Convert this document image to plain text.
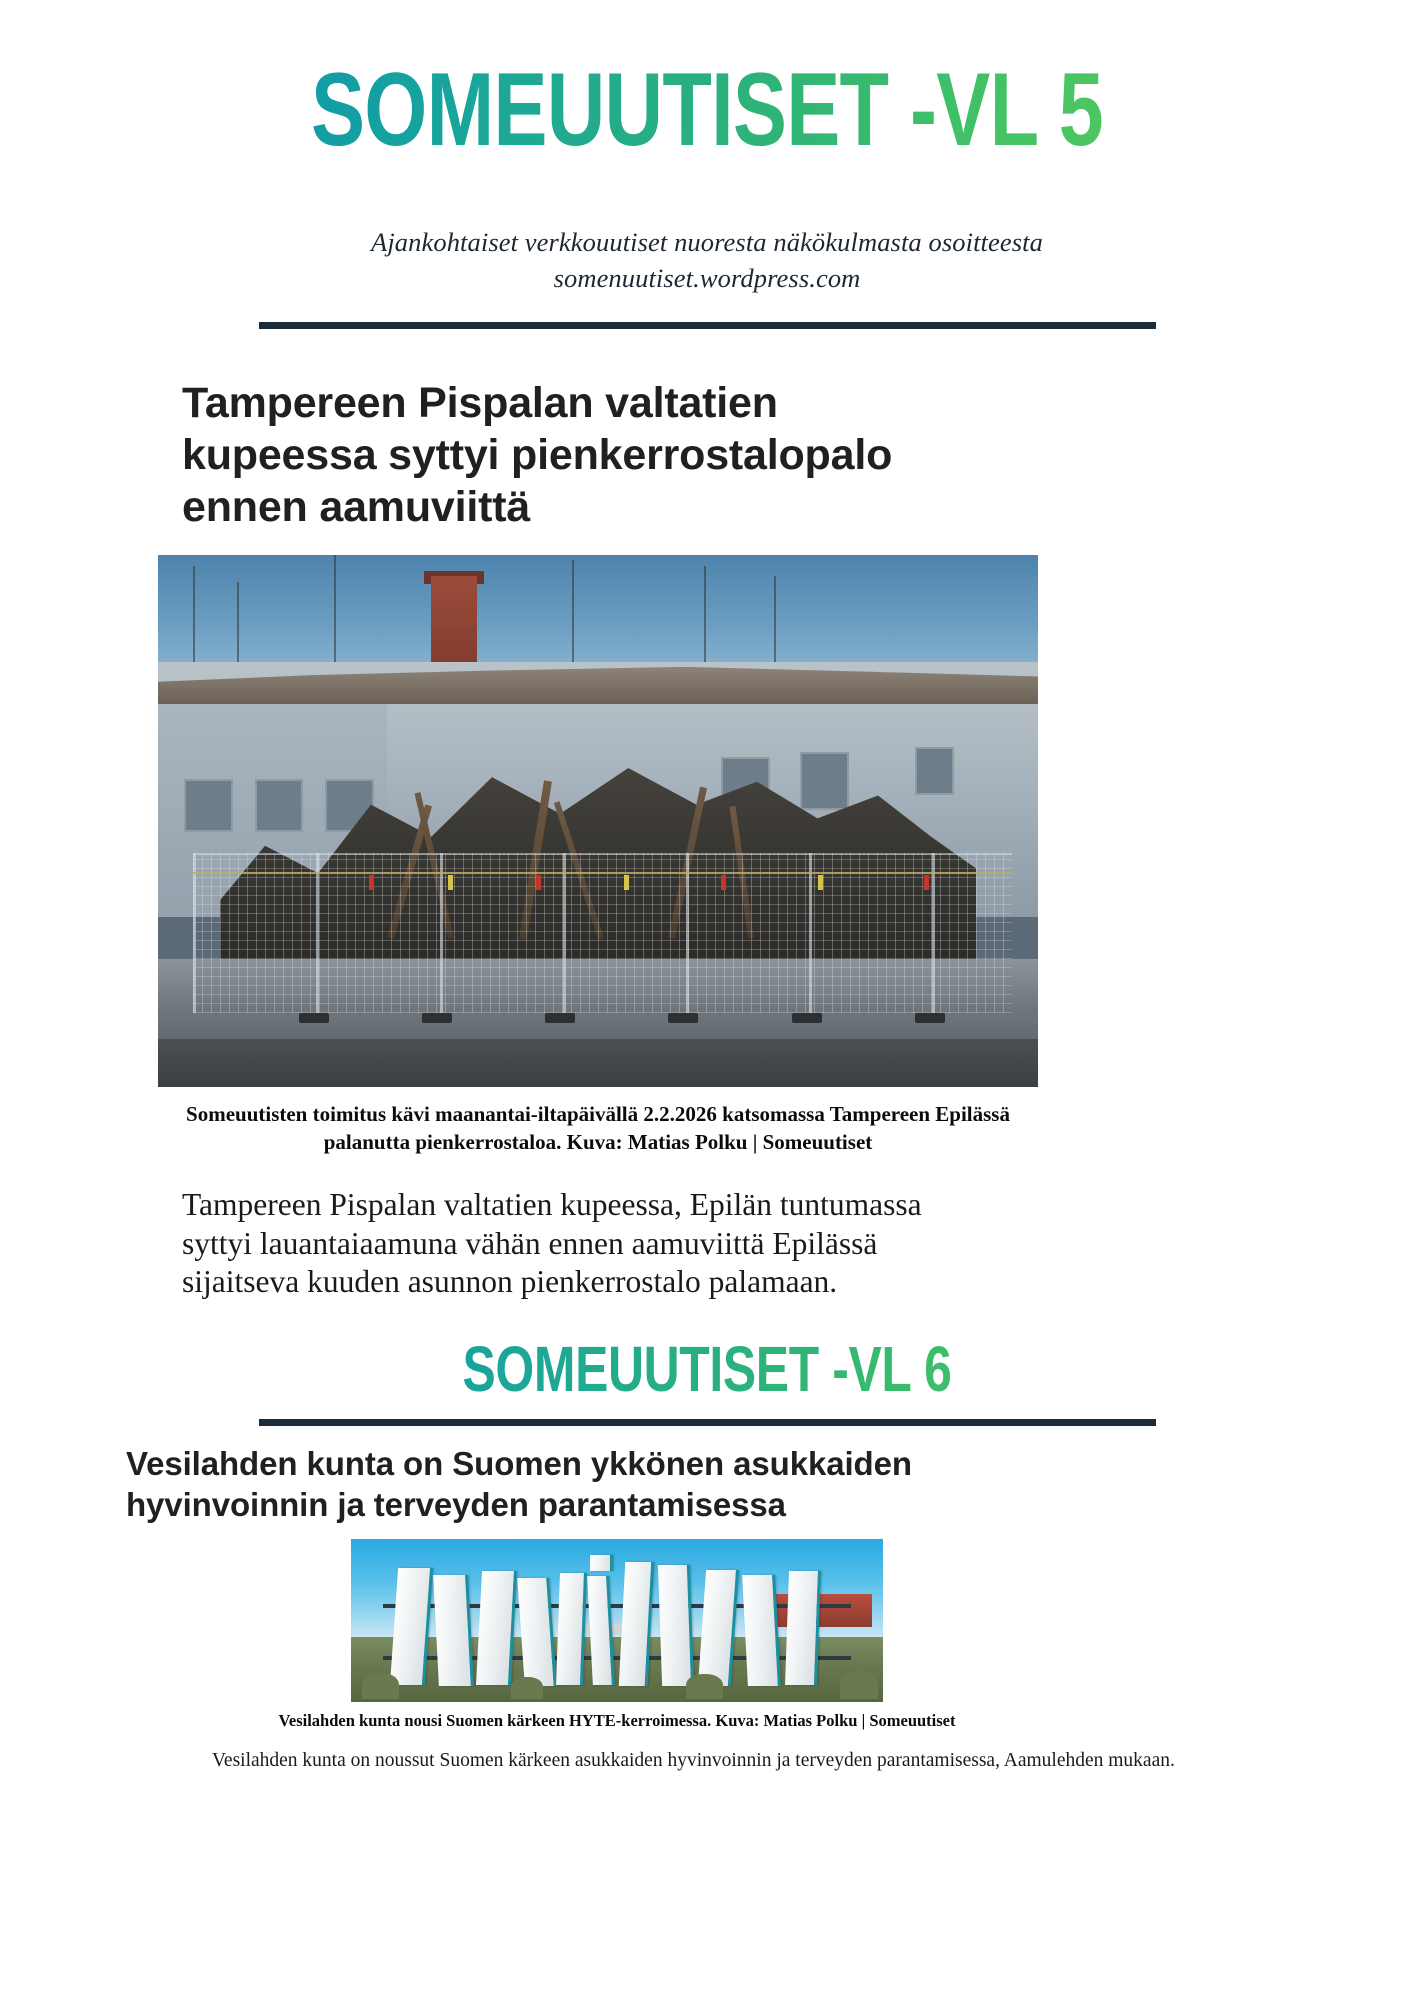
SOMEUUTISET -VL 5
Ajankohtaiset verkkouutiset nuoresta näkökulmasta osoitteesta
somenuutiset.wordpress.com
Tampereen Pispalan valtatien kupeessa syttyi pienkerrostalopalo ennen aamuviittä
Someuutisten toimitus kävi maanantai-iltapäivällä 2.2.2026 katsomassa Tampereen Epilässä palanutta pienkerrostaloa. Kuva: Matias Polku | Someuutiset
Tampereen Pispalan valtatien kupeessa, Epilän tuntumassa syttyi lauantaiaamuna vähän ennen aamuviittä Epilässä sijaitseva kuuden asunnon pienkerrostalo palamaan.
SOMEUUTISET -VL 6
Vesilahden kunta on Suomen ykkönen asukkaiden hyvinvoinnin ja terveyden parantamisessa
Vesilahden kunta nousi Suomen kärkeen HYTE-kerroimessa. Kuva: Matias Polku | Someuutiset
Vesilahden kunta on noussut Suomen kärkeen asukkaiden hyvinvoinnin ja terveyden parantamisessa, Aamulehden mukaan.
